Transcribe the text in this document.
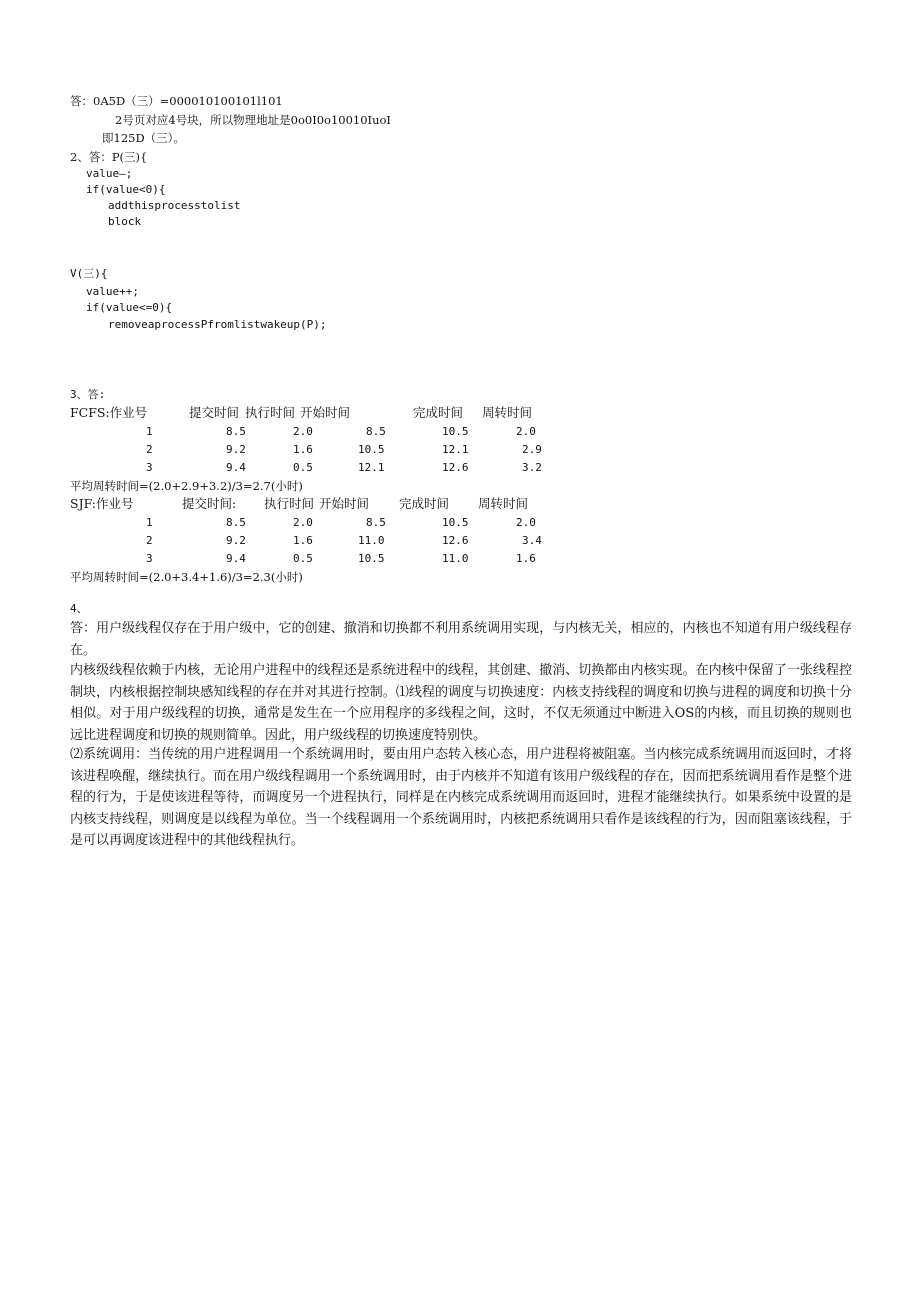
答：0A5D（三）=000010100101l101
2号页对应4号块，所以物理地址是0o0I0o10010IuoI
即125D（三）。
2、答：P(三){
value—;
if(value<0){
addthisprocesstolist
block
V(三){
value++;
if(value<=0){
removeaprocessPfromlistwakeup(P);
3、答:
FCFS:作业号	提交时间 执行时间 开始时间	完成时间 周转时间
1	8.5	2.0	8.5	10.5	2.0
2	9.2	1.6	10.5	12.1	2.9
3	9.4	0.5	12.1	12.6	3.2
平均周转时间=(2.0+2.9+3.2)/3=2.7(小时)
SJF:作业号	提交时间: 执行时间 开始时间 完成时间 周转时间
1	8.5	2.0	8.5	10.5	2.0
2	9.2	1.6	11.0	12.6	3.4
3	9.4	0.5	10.5	11.0	1.6
平均周转时间=(2.0+3.4+1.6)/3=2.3(小时)
4、
答：用户级线程仅存在于用户级中，它的创建、撤消和切换都不利用系统调用实现，与内核无关，相应的，内核也不知道有用户级线程存在。
内核级线程依赖于内核，无论用户进程中的线程还是系统进程中的线程，其创建、撤消、切换都由内核实现。在内核中保留了一张线程控制块，内核根据控制块感知线程的存在并对其进行控制。⑴线程的调度与切换速度：内核支持线程的调度和切换与进程的调度和切换十分相似。对于用户级线程的切换，通常是发生在一个应用程序的多线程之间，这时，不仅无须通过中断进入OS的内核，而且切换的规则也远比进程调度和切换的规则简单。因此，用户级线程的切换速度特别快。
⑵系统调用：当传统的用户进程调用一个系统调用时，要由用户态转入核心态，用户进程将被阻塞。当内核完成系统调用而返回时，才将该进程唤醒，继续执行。而在用户级线程调用一个系统调用时，由于内核并不知道有该用户级线程的存在，因而把系统调用看作是整个进程的行为，于是使该进程等待，而调度另一个进程执行，同样是在内核完成系统调用而返回时，进程才能继续执行。如果系统中设置的是内核支持线程，则调度是以线程为单位。当一个线程调用一个系统调用时，内核把系统调用只看作是该线程的行为，因而阻塞该线程，于是可以再调度该进程中的其他线程执行。
